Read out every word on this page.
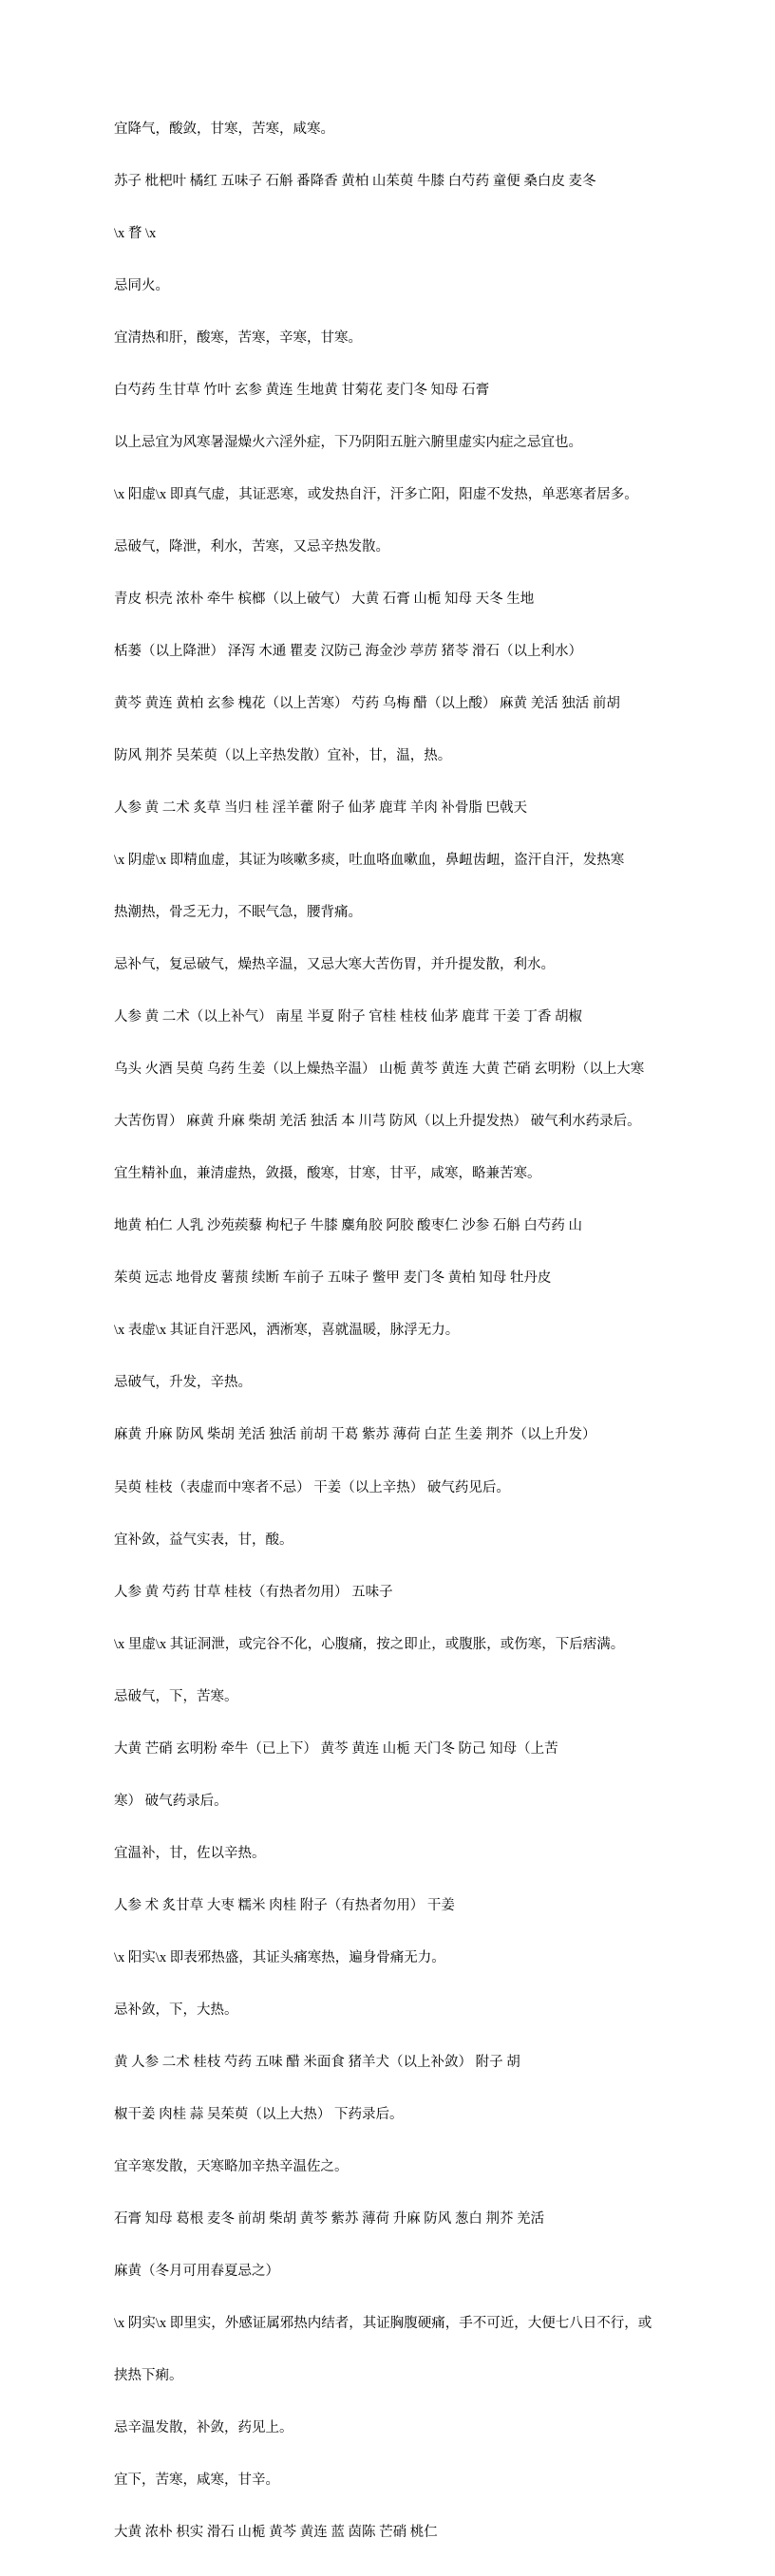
宜降气，酸敛，甘寒，苦寒，咸寒。

苏子 枇杷叶 橘红 五味子 石斛 番降香 黄柏 山茱萸 牛膝 白芍药 童便 桑白皮 麦冬

\x 瞀 \x

忌同火。

宜清热和肝，酸寒，苦寒，辛寒，甘寒。

白芍药 生甘草 竹叶 玄参 黄连 生地黄 甘菊花 麦门冬 知母 石膏

以上忌宜为风寒暑湿燥火六淫外症，下乃阴阳五脏六腑里虚实内症之忌宜也。

\x 阳虚\x 即真气虚，其证恶寒，或发热自汗，汗多亡阳，阳虚不发热，单恶寒者居多。

忌破气，降泄，利水，苦寒，又忌辛热发散。

青皮 枳壳 浓朴 牵牛 槟榔（以上破气） 大黄 石膏 山栀 知母 天冬 生地

栝蒌（以上降泄） 泽泻 木通 瞿麦 汉防己 海金沙 葶苈 猪苓 滑石（以上利水）

黄芩 黄连 黄柏 玄参 槐花（以上苦寒） 芍药 乌梅 醋（以上酸） 麻黄 羌活 独活 前胡

防风 荆芥 吴茱萸（以上辛热发散）宜补，甘，温，热。

人参 黄 二术 炙草 当归 桂 淫羊藿 附子 仙茅 鹿茸 羊肉 补骨脂 巴戟天

\x 阴虚\x 即精血虚，其证为咳嗽多痰，吐血咯血嗽血，鼻衄齿衄，盗汗自汗，发热寒

热潮热，骨乏无力，不眠气急，腰背痛。

忌补气，复忌破气，燥热辛温，又忌大寒大苦伤胃，并升提发散，利水。

人参 黄 二术（以上补气） 南星 半夏 附子 官桂 桂枝 仙茅 鹿茸 干姜 丁香 胡椒

乌头 火酒 吴萸 乌药 生姜（以上燥热辛温） 山栀 黄芩 黄连 大黄 芒硝 玄明粉（以上大寒

大苦伤胃） 麻黄 升麻 柴胡 羌活 独活 本 川芎 防风（以上升提发热） 破气利水药录后。

宜生精补血，兼清虚热，敛摄，酸寒，甘寒，甘平，咸寒，略兼苦寒。

地黄 柏仁 人乳 沙苑蒺藜 枸杞子 牛膝 麋角胶 阿胶 酸枣仁 沙参 石斛 白芍药 山

茱萸 远志 地骨皮 薯蓣 续断 车前子 五味子 鳖甲 麦门冬 黄柏 知母 牡丹皮

\x 表虚\x 其证自汗恶风，洒淅寒，喜就温暖，脉浮无力。

忌破气，升发，辛热。

麻黄 升麻 防风 柴胡 羌活 独活 前胡 干葛 紫苏 薄荷 白芷 生姜 荆芥（以上升发）

吴萸 桂枝（表虚而中寒者不忌） 干姜（以上辛热） 破气药见后。

宜补敛，益气实表，甘，酸。

人参 黄 芍药 甘草 桂枝（有热者勿用） 五味子

\x 里虚\x 其证洞泄，或完谷不化，心腹痛，按之即止，或腹胀，或伤寒，下后痞满。

忌破气，下，苦寒。

大黄 芒硝 玄明粉 牵牛（已上下） 黄芩 黄连 山栀 天门冬 防己 知母（上苦

寒） 破气药录后。

宜温补，甘，佐以辛热。

人参 术 炙甘草 大枣 糯米 肉桂 附子（有热者勿用） 干姜

\x 阳实\x 即表邪热盛，其证头痛寒热，遍身骨痛无力。

忌补敛，下，大热。

黄 人参 二术 桂枝 芍药 五味 醋 米面食 猪羊犬（以上补敛） 附子 胡

椒干姜 肉桂 蒜 吴茱萸（以上大热） 下药录后。

宜辛寒发散，天寒略加辛热辛温佐之。

石膏 知母 葛根 麦冬 前胡 柴胡 黄芩 紫苏 薄荷 升麻 防风 葱白 荆芥 羌活

麻黄（冬月可用春夏忌之）

\x 阴实\x 即里实，外感证属邪热内结者，其证胸腹硬痛，手不可近，大便七八日不行，或

挟热下痢。

忌辛温发散，补敛，药见上。

宜下，苦寒，咸寒，甘辛。

大黄 浓朴 枳实 滑石 山栀 黄芩 黄连 蓝 茵陈 芒硝 桃仁
